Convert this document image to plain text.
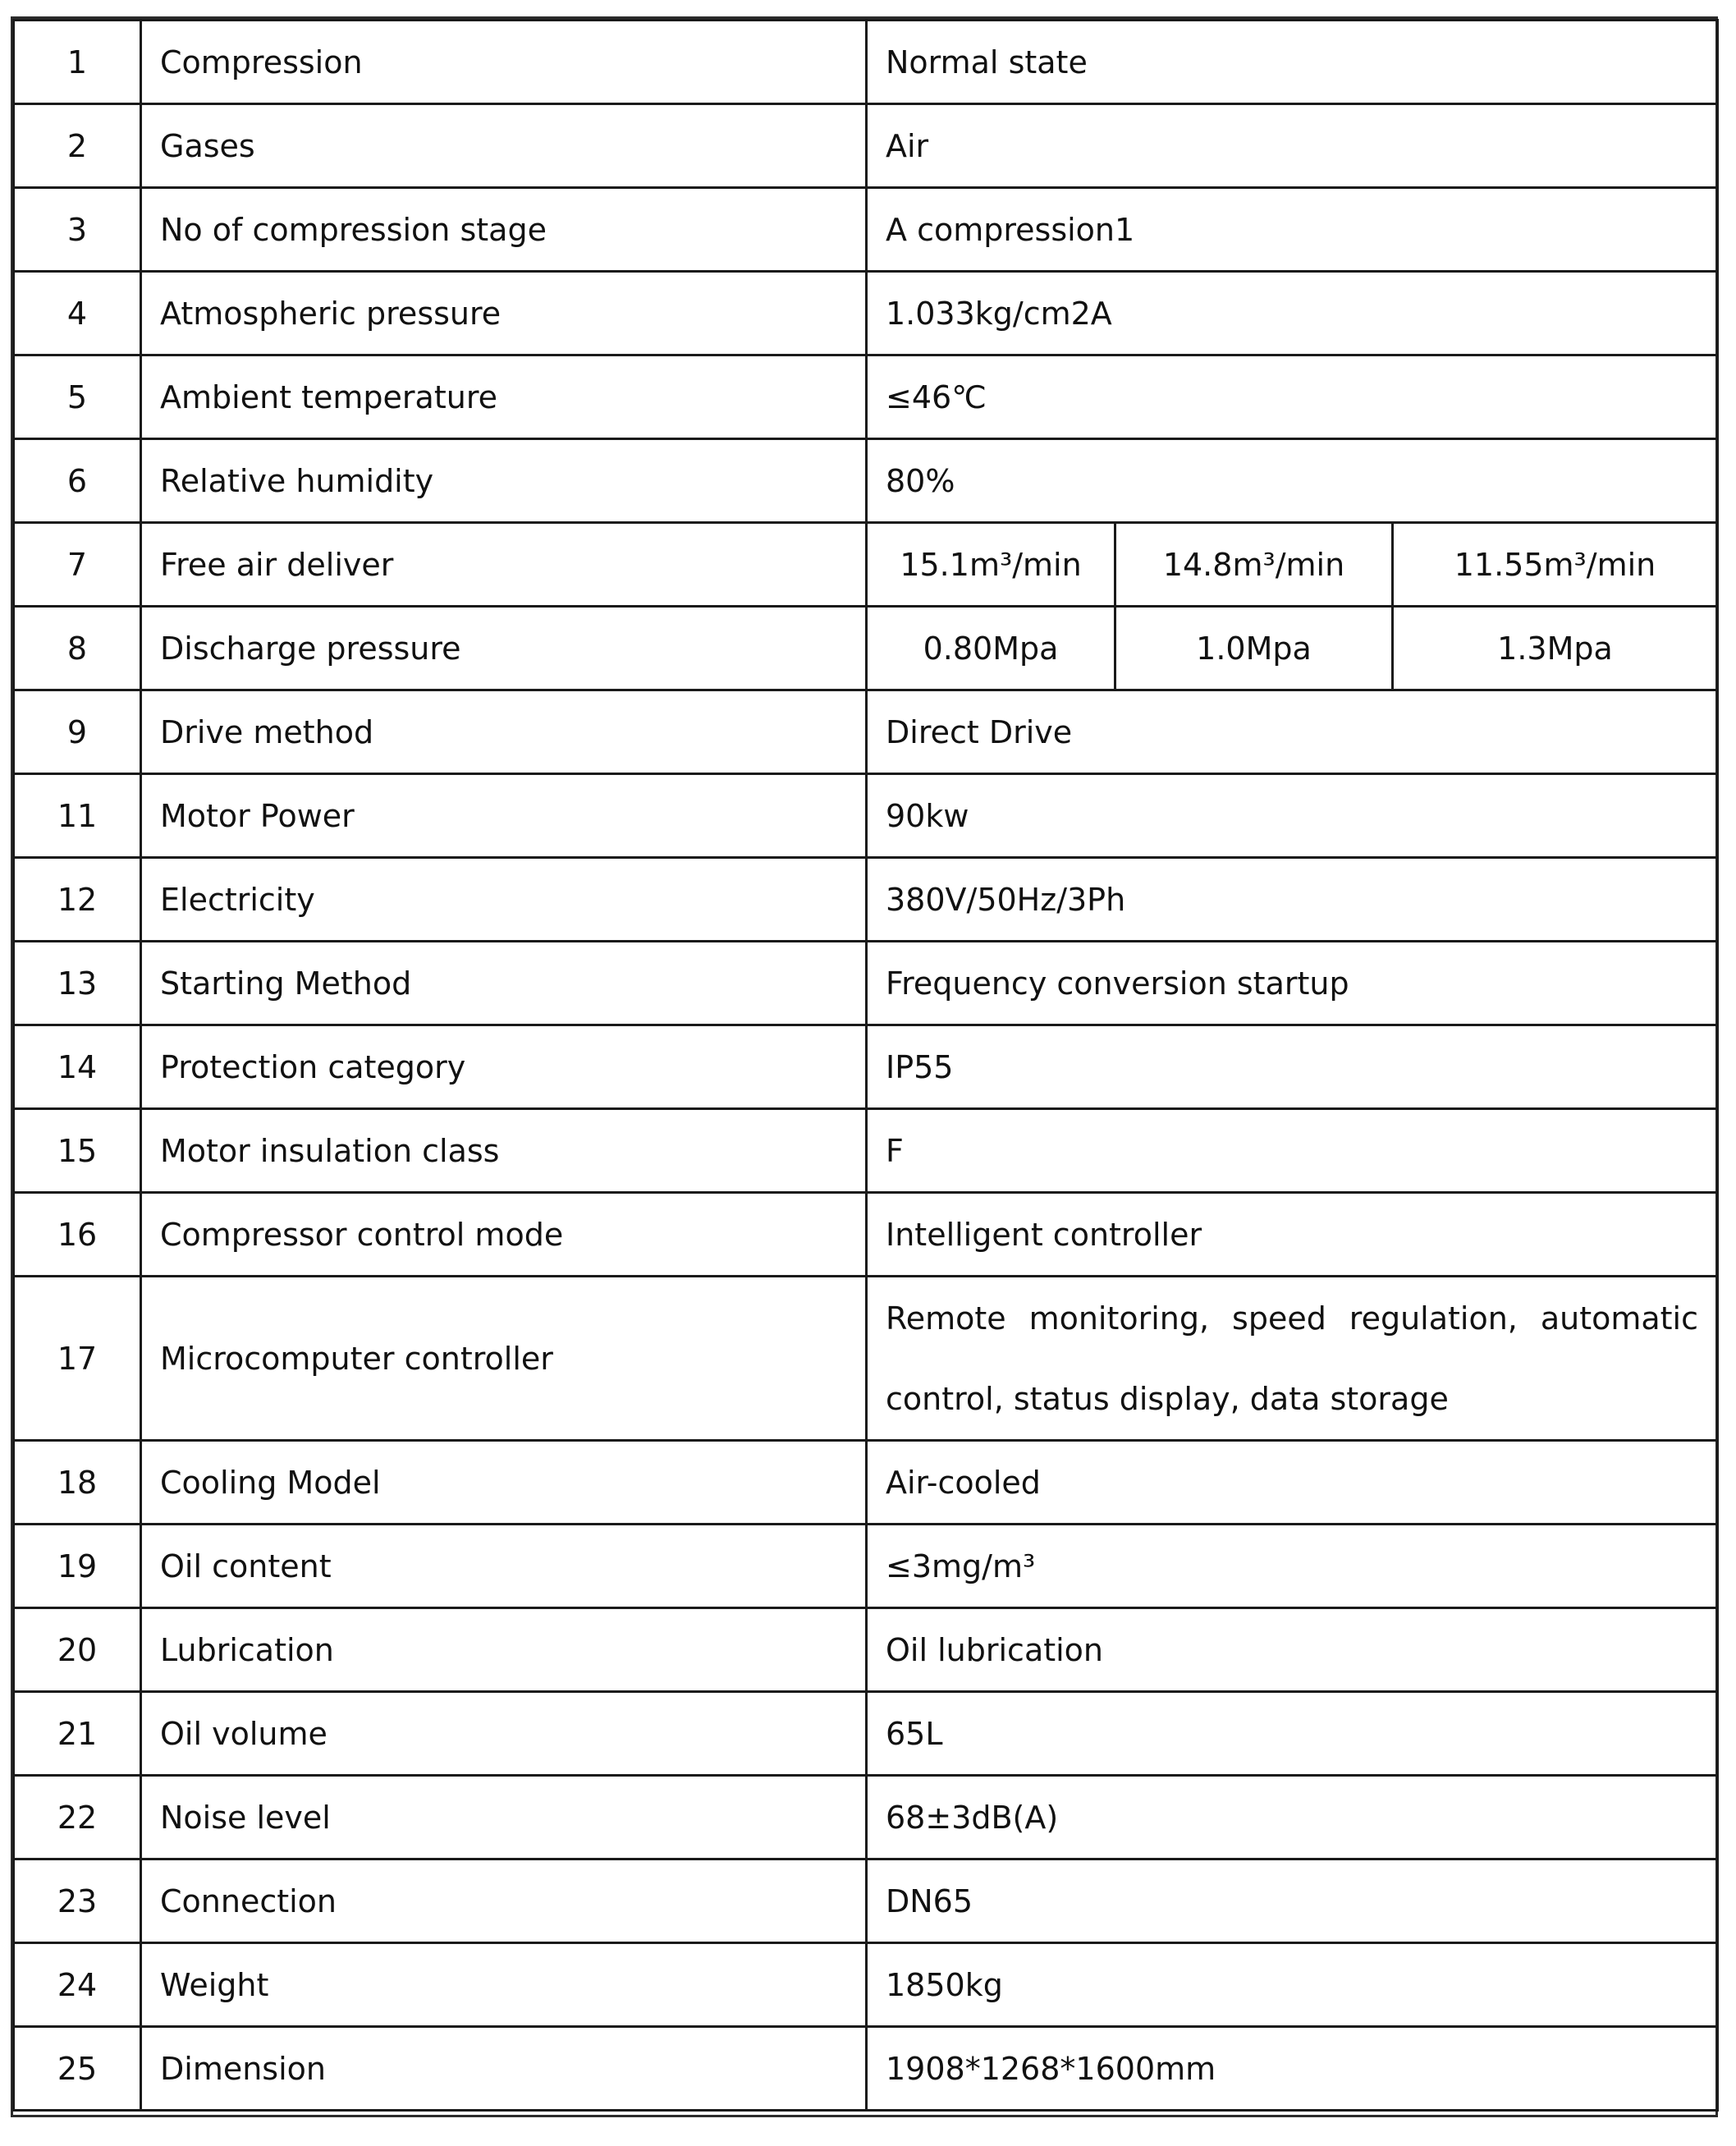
1	Compression	Normal state		
2	Gases	Air		
3	No of compression stage	A compression1		
4	Atmospheric pressure	1.033kg/cm2A		
5	Ambient temperature	≤46℃		
6	Relative humidity	80%		
7	Free air deliver	15.1m³/min	14.8m³/min	11.55m³/min
8	Discharge pressure	0.80Mpa	1.0Mpa	1.3Mpa
9	Drive method	Direct Drive		
11	Motor Power	90kw		
12	Electricity	380V/50Hz/3Ph		
13	Starting Method	Frequency conversion startup		
14	Protection category	IP55		
15	Motor insulation class	F		
16	Compressor control mode	Intelligent controller		
17	Microcomputer controller	Remote monitoring, speed regulation, automatic
control, status display, data storage		

18	Cooling Model	Air-cooled		
19	Oil content	≤3mg/m³		
20	Lubrication	Oil lubrication		
21	Oil volume	65L		
22	Noise level	68±3dB(A)		
23	Connection	DN65		
24	Weight	1850kg		
25	Dimension	1908*1268*1600mm		
